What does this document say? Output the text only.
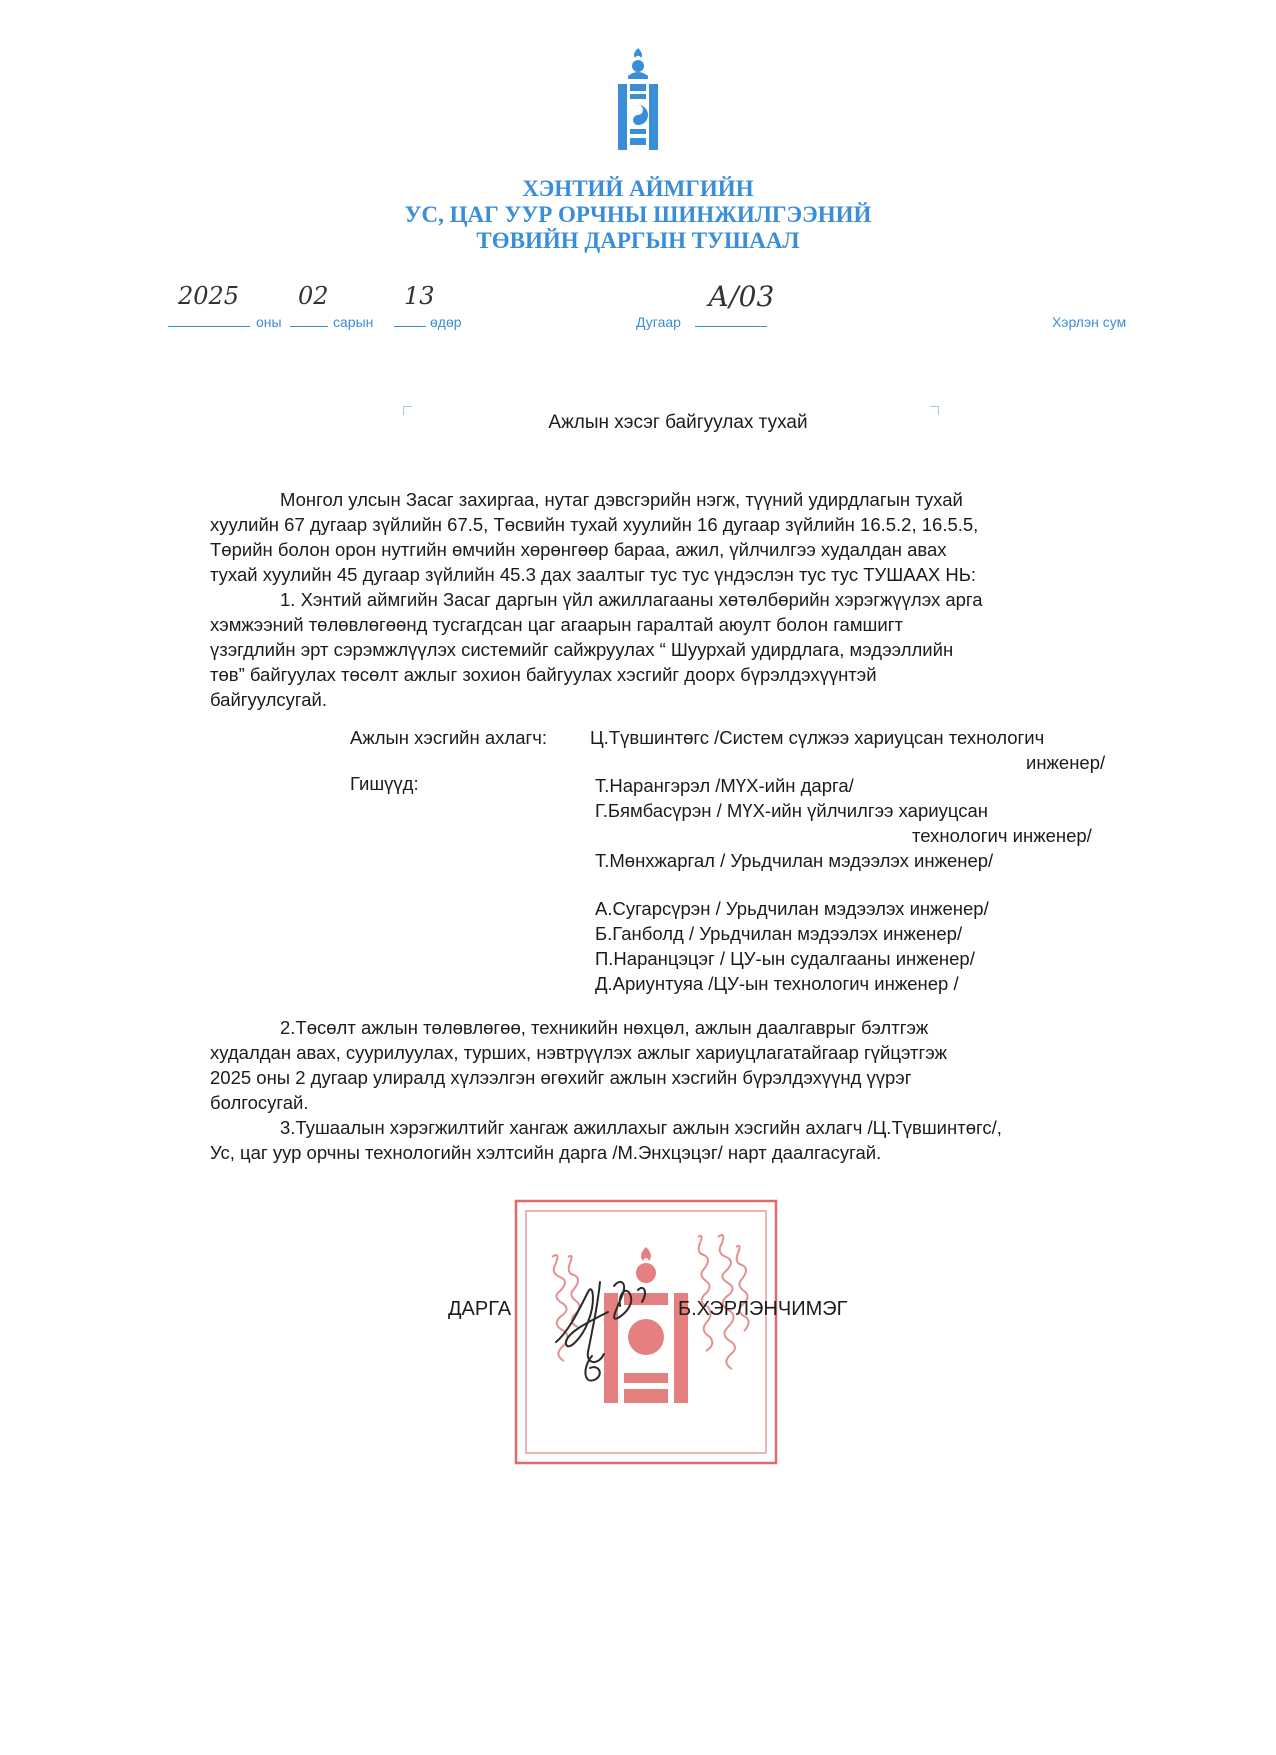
ХЭНТИЙ АЙМГИЙН
УС, ЦАГ УУР ОРЧНЫ ШИНЖИЛГЭЭНИЙ
ТӨВИЙН ДАРГЫН ТУШААЛ
2025
оны
02
сарын
13
өдөр	Дугаар
А/03
Хэрлэн сум
Ажлын хэсэг байгуулах тухай
Монгол улсын Засаг захиргаа, нутаг дэвсгэрийн нэгж, түүний удирдлагын тухай
хуулийн 67 дугаар зүйлийн 67.5, Төсвийн тухай хуулийн 16 дугаар зүйлийн 16.5.2, 16.5.5,
Төрийн болон орон нутгийн өмчийн хөрөнгөөр бараа, ажил, үйлчилгээ худалдан авах
тухай хуулийн 45 дугаар зүйлийн 45.3 дах заалтыг тус тус үндэслэн тус тус ТУШААХ НЬ:
1. Хэнтий аймгийн Засаг даргын үйл ажиллагааны хөтөлбөрийн хэрэгжүүлэх арга
хэмжээний төлөвлөгөөнд тусгагдсан цаг агаарын гаралтай аюулт болон гамшигт
үзэгдлийн эрт сэрэмжлүүлэх системийг сайжруулах “ Шуурхай удирдлага, мэдээллийн
төв” байгуулах төсөлт ажлыг зохион байгуулах хэсгийг доорх бүрэлдэхүүнтэй
байгуулсугай.
Ажлын хэсгийн ахлагч: Ц.Түвшинтөгс /Систем сүлжээ хариуцсан технологич
инженер/
Гишүүд:	Т.Нарангэрэл /МҮХ-ийн дарга/
Г.Бямбасүрэн / МҮХ-ийн үйлчилгээ хариуцсан
технологич инженер/
Т.Мөнхжаргал / Урьдчилан мэдээлэх инженер/
А.Сугарсүрэн / Урьдчилан мэдээлэх инженер/
Б.Ганболд / Урьдчилан мэдээлэх инженер/
П.Наранцэцэг / ЦУ-ын судалгааны инженер/
Д.Ариунтуяа /ЦУ-ын технологич инженер /
2.Төсөлт ажлын төлөвлөгөө, техникийн нөхцөл, ажлын даалгаврыг бэлтгэж
худалдан авах, суурилуулах, турших, нэвтрүүлэх ажлыг хариуцлагатайгаар гүйцэтгэж
2025 оны 2 дугаар улиралд хүлээлгэн өгөхийг ажлын хэсгийн бүрэлдэхүүнд үүрэг
болгосугай.
3.Тушаалын хэрэгжилтийг хангаж ажиллахыг ажлын хэсгийн ахлагч /Ц.Түвшинтөгс/,
Ус, цаг уур орчны технологийн хэлтсийн дарга /М.Энхцэцэг/ нарт даалгасугай.
ДАРГА	Б.ХЭРЛЭНЧИМЭГ
